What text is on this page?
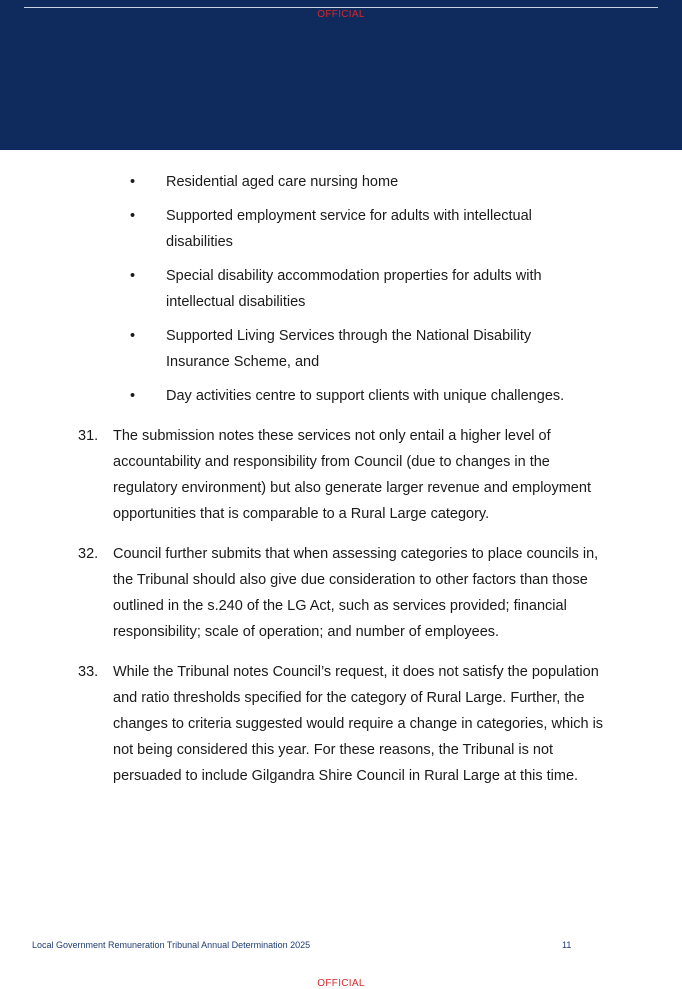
OFFICIAL
• Residential aged care nursing home
• Supported employment service for adults with intellectual disabilities
• Special disability accommodation properties for adults with intellectual disabilities
• Supported Living Services through the National Disability Insurance Scheme, and
• Day activities centre to support clients with unique challenges.
31. The submission notes these services not only entail a higher level of accountability and responsibility from Council (due to changes in the regulatory environment) but also generate larger revenue and employment opportunities that is comparable to a Rural Large category.
32. Council further submits that when assessing categories to place councils in, the Tribunal should also give due consideration to other factors than those outlined in the s.240 of the LG Act, such as services provided; financial responsibility; scale of operation; and number of employees.
33. While the Tribunal notes Council’s request, it does not satisfy the population and ratio thresholds specified for the category of Rural Large. Further, the changes to criteria suggested would require a change in categories, which is not being considered this year. For these reasons, the Tribunal is not persuaded to include Gilgandra Shire Council in Rural Large at this time.
Local Government Remuneration Tribunal Annual Determination 2025	11
OFFICIAL
